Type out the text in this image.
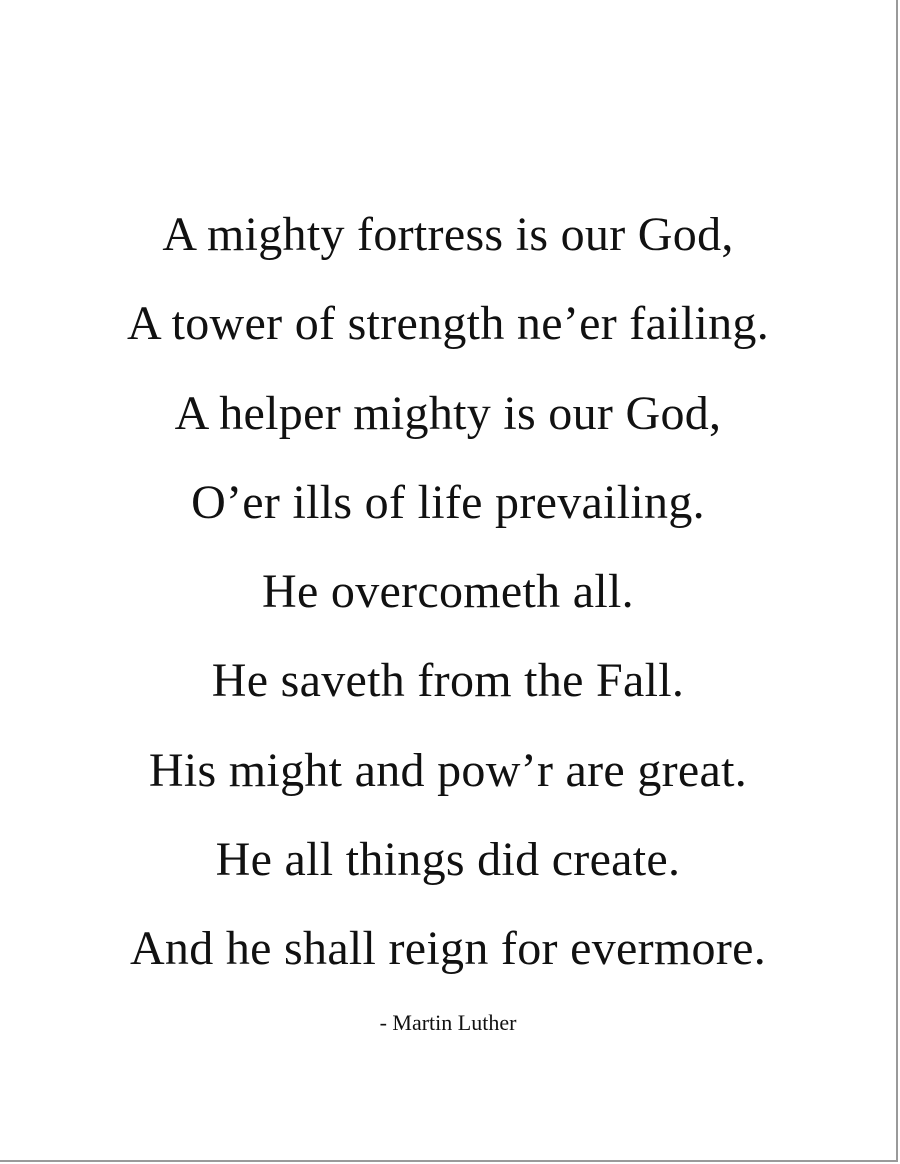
A mighty fortress is our God,
A tower of strength ne’er failing.
A helper mighty is our God,
O’er ills of life prevailing.
He overcometh all.
He saveth from the Fall.
His might and pow’r are great.
He all things did create.
And he shall reign for evermore.
- Martin Luther
